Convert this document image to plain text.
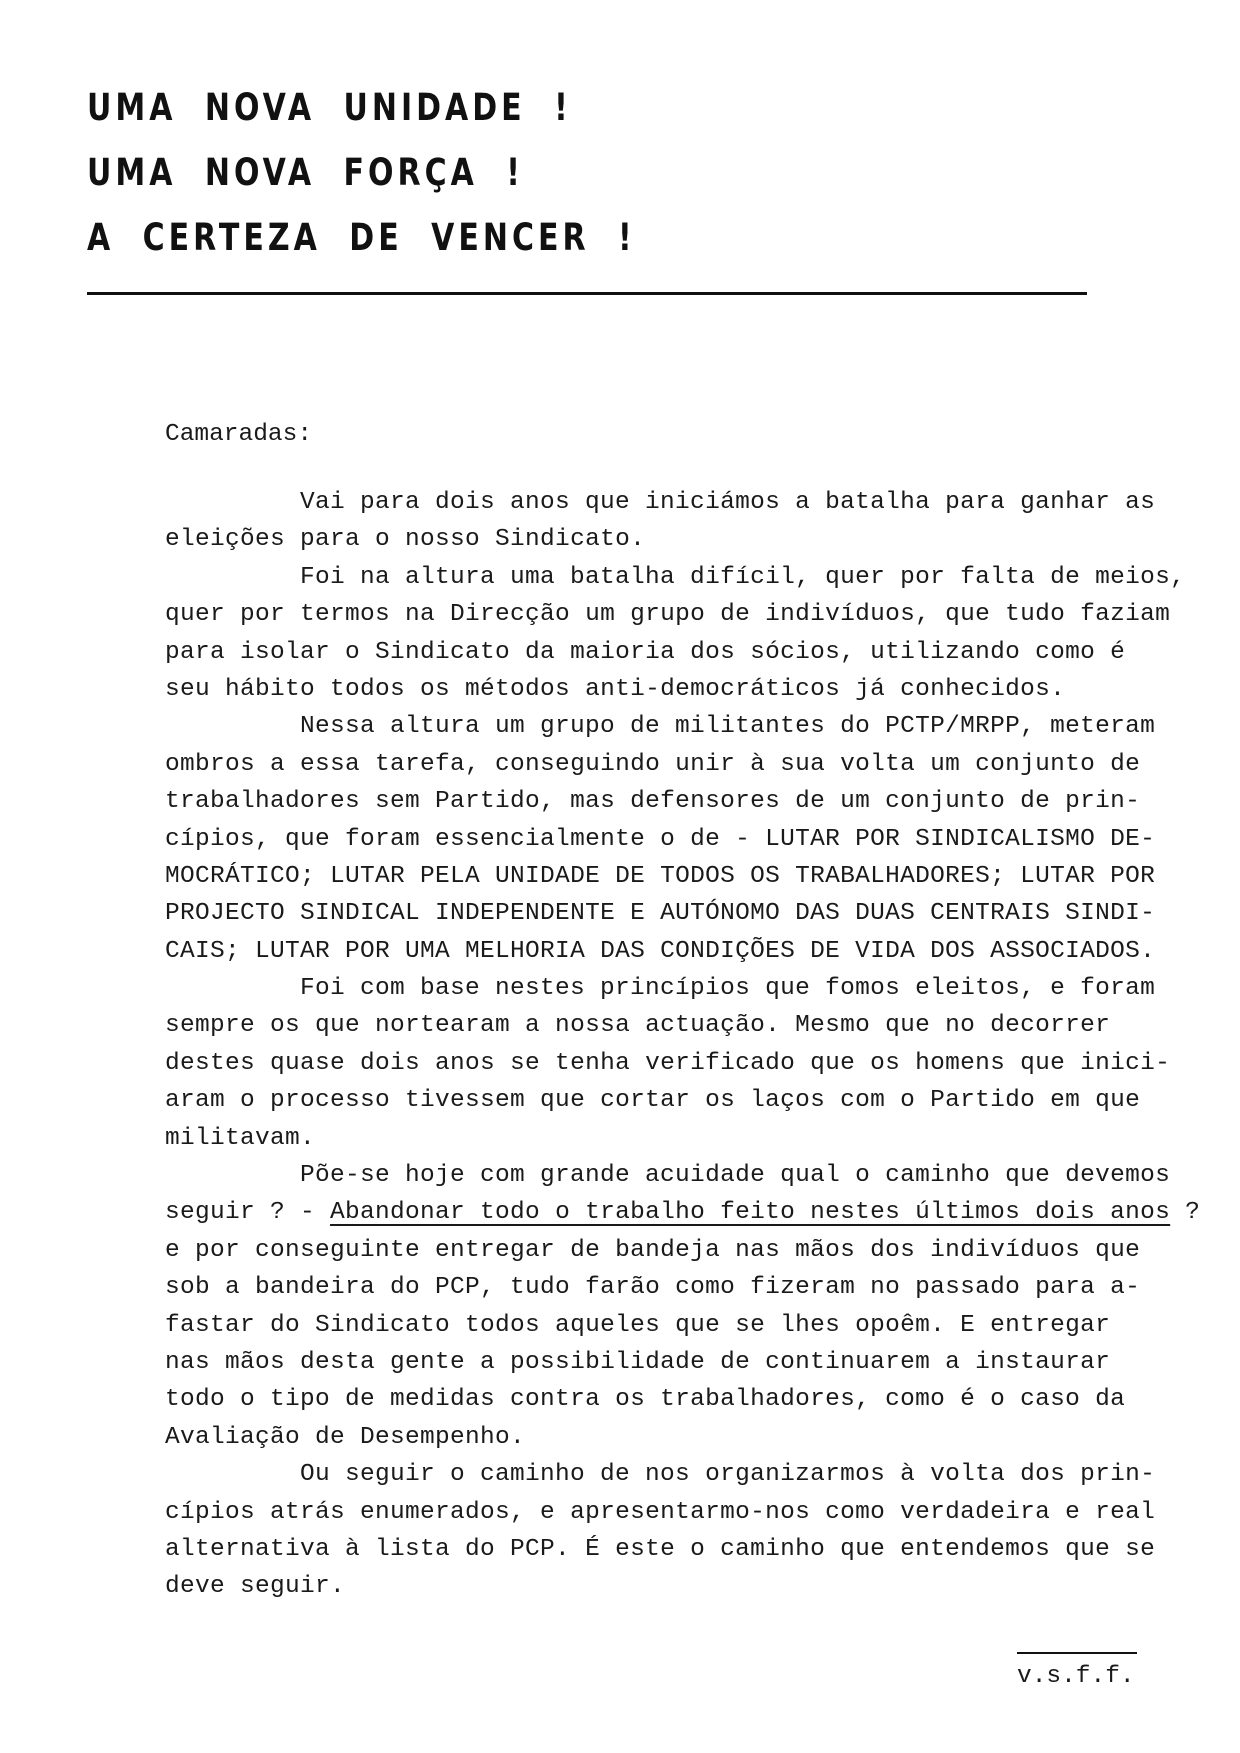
UMA NOVA UNIDADE !
UMA NOVA FORÇA !
A CERTEZA DE VENCER !
Camaradas:
Vai para dois anos que iniciámos a batalha para ganhar as
eleições para o nosso Sindicato.
Foi na altura uma batalha difícil, quer por falta de meios,
quer por termos na Direcção um grupo de indivíduos, que tudo faziam
para isolar o Sindicato da maioria dos sócios, utilizando como é
seu hábito todos os métodos anti-democráticos já conhecidos.
Nessa altura um grupo de militantes do PCTP/MRPP, meteram
ombros a essa tarefa, conseguindo unir à sua volta um conjunto de
trabalhadores sem Partido, mas defensores de um conjunto de prin-
cípios, que foram essencialmente o de - LUTAR POR SINDICALISMO DE-
MOCRÁTICO; LUTAR PELA UNIDADE DE TODOS OS TRABALHADORES; LUTAR POR
PROJECTO SINDICAL INDEPENDENTE E AUTÓNOMO DAS DUAS CENTRAIS SINDI-
CAIS; LUTAR POR UMA MELHORIA DAS CONDIÇÕES DE VIDA DOS ASSOCIADOS.
Foi com base nestes princípios que fomos eleitos, e foram
sempre os que nortearam a nossa actuação. Mesmo que no decorrer
destes quase dois anos se tenha verificado que os homens que inici-
aram o processo tivessem que cortar os laços com o Partido em que
militavam.
Põe-se hoje com grande acuidade qual o caminho que devemos
seguir ? - Abandonar todo o trabalho feito nestes últimos dois anos ?
e por conseguinte entregar de bandeja nas mãos dos indivíduos que
sob a bandeira do PCP, tudo farão como fizeram no passado para a-
fastar do Sindicato todos aqueles que se lhes opoêm. E entregar
nas mãos desta gente a possibilidade de continuarem a instaurar
todo o tipo de medidas contra os trabalhadores, como é o caso da
Avaliação de Desempenho.
Ou seguir o caminho de nos organizarmos à volta dos prin-
cípios atrás enumerados, e apresentarmo-nos como verdadeira e real
alternativa à lista do PCP. É este o caminho que entendemos que se
deve seguir.
v.s.f.f.
